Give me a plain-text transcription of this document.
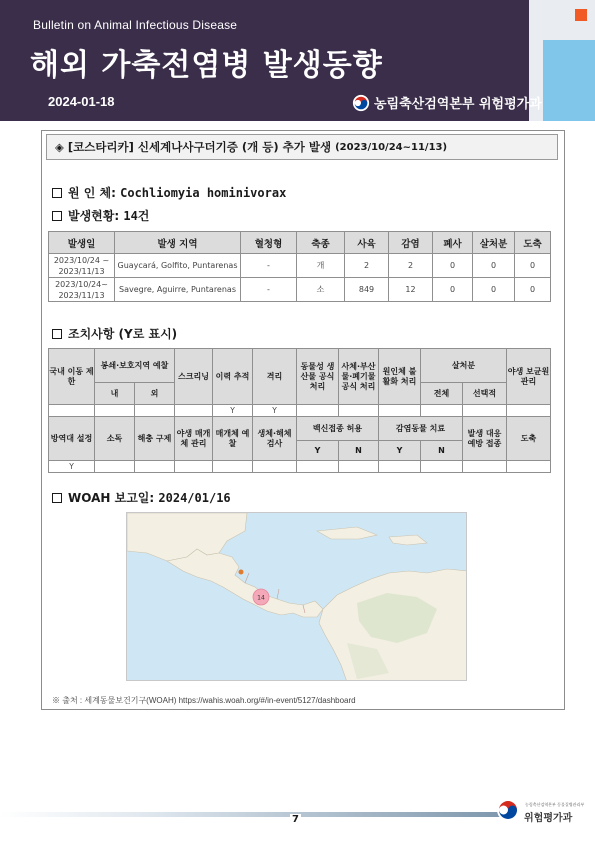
Bulletin on Animal Infectious Disease
해외 가축전염병 발생동향
2024-01-18	농림축산검역본부 위험평가과
◈ [코스타리카] 신세계나사구더기증 (개 등) 추가 발생 (2023/10/24~11/13)
원 인 체: Cochliomyia hominivorax
발생현황: 14건
발생일	발생 지역	혈청형	축종	사육	감염	폐사	살처분	도축
2023/10/24 ~ 2023/11/13	Guaycará, Golfito, Puntarenas	-	개	2	2	0	0	0
2023/10/24~ 2023/11/13	Savegre, Aguirre, Puntarenas	-	소	849	12	0	0	0
조치사항 (Y로 표시)
국내 이동 제한	봉쇄·보호지역 예찰		스크리닝	이력 추적	격리	동물성 생산물 공식 처리	사체·부산물·폐기물 공식 처리	원인체 불활화 처리	살처분		야생 보균원 관리
	내	외							전체	선택적	
				Y	Y						
방역대 설정	소독	해충 구제	야생 매개체 관리	매개체 예찰	생체·해체 검사	백신접종 허용		감염동물 치료		발생 대응 예방 접종	도축
						Y	N	Y	N		
Y											
WOAH 보고일: 2024/01/16
14
※ 출처 : 세계동물보건기구(WOAH) https://wahis.woah.org/#/in-event/5127/dashboard
7
농림축산검역본부 동물질병관리부
위험평가과
